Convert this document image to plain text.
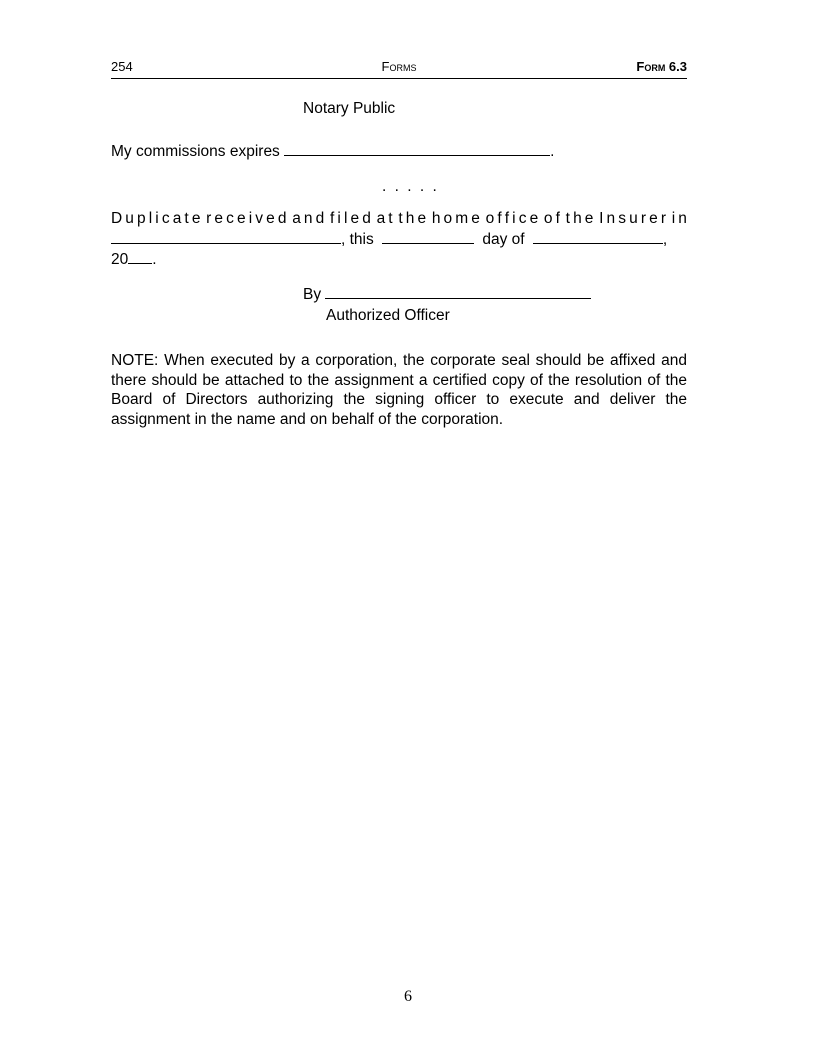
254	Forms	Form 6.3
Notary Public
My commissions expires	.
. . . . .
D u p l i c a t e r e c e i v e d a n d f i l e d a t t h e h o m e o f f i c e o f t h e I n s u r e r i n
, this	day of	,
20 .
By
Authorized Officer
NOTE: When executed by a corporation, the corporate seal should be affixed and there should be attached to the assignment a certified copy of the resolution of the Board of Directors authorizing the signing officer to execute and deliver the assignment in the name and on behalf of the corporation.
6
